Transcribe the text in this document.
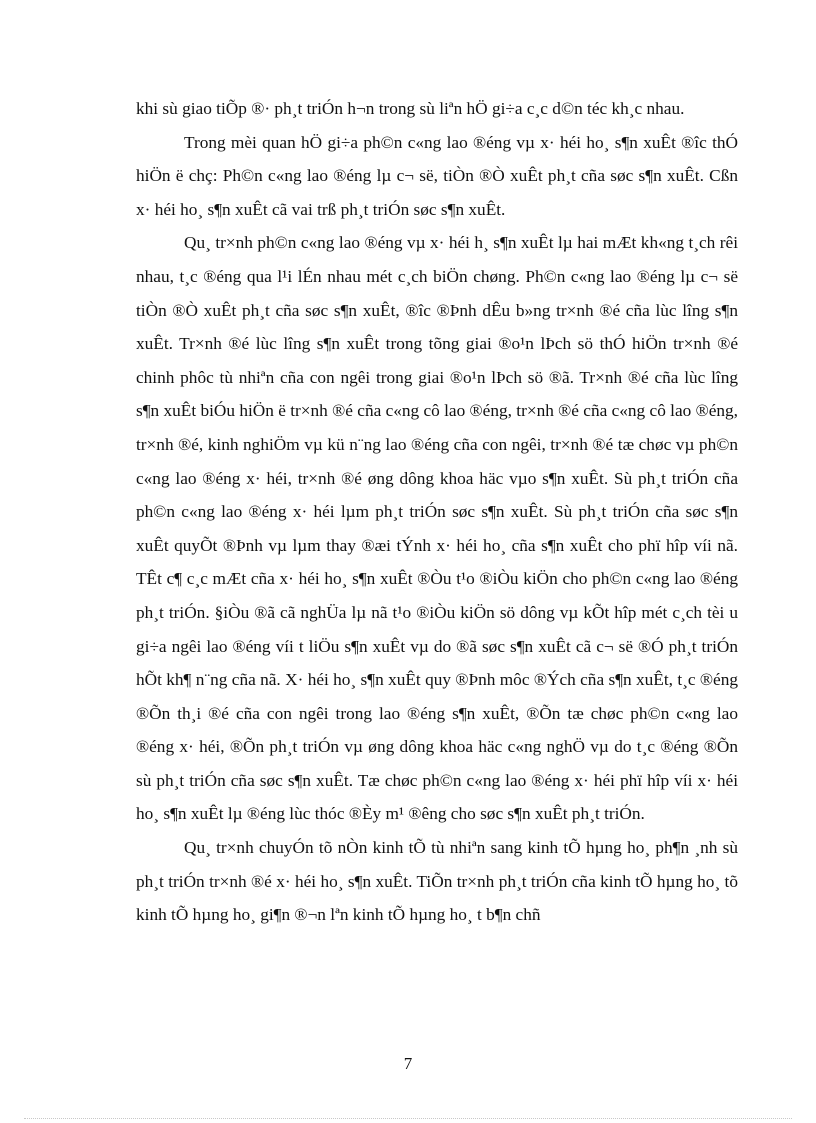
khi sù giao tiÕp ®· ph¸t triÓn h¬n trong sù liªn hÖ gi÷a c¸c d©n téc kh¸c nhau.

Trong mèi quan hÖ gi÷a ph©n c«ng lao ®éng vµ x· héi ho¸ s¶n xuÊt ®îc thÓ hiÖn ë chç: Ph©n c«ng lao ®éng lµ c¬ së, tiÒn ®Ò xuÊt ph¸t cña søc s¶n xuÊt. Cßn x· héi ho¸ s¶n xuÊt cã vai trß ph¸t triÓn søc s¶n xuÊt.

Qu¸ tr×nh ph©n c«ng lao ®éng vµ x· héi h¸ s¶n xuÊt lµ hai mÆt kh«ng t¸ch rêi nhau, t¸c ®éng qua l¹i lÉn nhau mét c¸ch biÖn chøng. Ph©n c«ng lao ®éng lµ c¬ së tiÒn ®Ò xuÊt ph¸t cña søc s¶n xuÊt, ®îc ®Þnh dÊu b»ng tr×nh ®é cña lùc lîng s¶n xuÊt. Tr×nh ®é lùc lîng s¶n xuÊt trong tõng giai ®o¹n lÞch sö thÓ hiÖn tr×nh ®é chinh phôc tù nhiªn cña con ngêi trong giai ®o¹n lÞch sö ®ã. Tr×nh ®é cña lùc lîng s¶n xuÊt biÓu hiÖn ë tr×nh ®é cña c«ng cô lao ®éng, tr×nh ®é cña c«ng cô lao ®éng, tr×nh ®é, kinh nghiÖm vµ kü n¨ng lao ®éng cña con ngêi, tr×nh ®é tæ chøc vµ ph©n c«ng lao ®éng x· héi, tr×nh ®é øng dông khoa häc vµo s¶n xuÊt. Sù ph¸t triÓn cña ph©n c«ng lao ®éng x· héi lµm ph¸t triÓn søc s¶n xuÊt. Sù ph¸t triÓn cña søc s¶n xuÊt quyÕt ®Þnh vµ lµm thay ®æi tÝnh x· héi ho¸ cña s¶n xuÊt cho phï hîp víi nã. TÊt c¶ c¸c mÆt cña x· héi ho¸ s¶n xuÊt ®Òu t¹o ®iÒu kiÖn cho ph©n c«ng lao ®éng ph¸t triÓn. §iÒu ®ã cã nghÜa lµ nã t¹o ®iÒu kiÖn sö dông vµ kÕt hîp mét c¸ch tèi u gi÷a ngêi lao ®éng víi t liÖu s¶n xuÊt vµ do ®ã søc s¶n xuÊt cã c¬ së ®Ó ph¸t triÓn hÕt kh¶ n¨ng cña nã. X· héi ho¸ s¶n xuÊt quy ®Þnh môc ®Ých cña s¶n xuÊt, t¸c ®éng ®Õn th¸i ®é cña con ngêi trong lao ®éng s¶n xuÊt, ®Õn tæ chøc ph©n c«ng lao ®éng x· héi, ®Õn ph¸t triÓn vµ øng dông khoa häc c«ng nghÖ vµ do t¸c ®éng ®Õn sù ph¸t triÓn cña søc s¶n xuÊt. Tæ chøc ph©n c«ng lao ®éng x· héi phï hîp víi x· héi ho¸ s¶n xuÊt lµ ®éng lùc thóc ®Èy m¹ ®êng cho søc s¶n xuÊt ph¸t triÓn.

Qu¸ tr×nh chuyÓn tõ nÒn kinh tÕ tù nhiªn sang kinh tÕ hµng ho¸ ph¶n ¸nh sù ph¸t triÓn tr×nh ®é x· héi ho¸ s¶n xuÊt. TiÕn tr×nh ph¸t triÓn cña kinh tÕ hµng ho¸ tõ kinh tÕ hµng ho¸ gi¶n ®¬n lªn kinh tÕ hµng ho¸ t b¶n chñ

7
